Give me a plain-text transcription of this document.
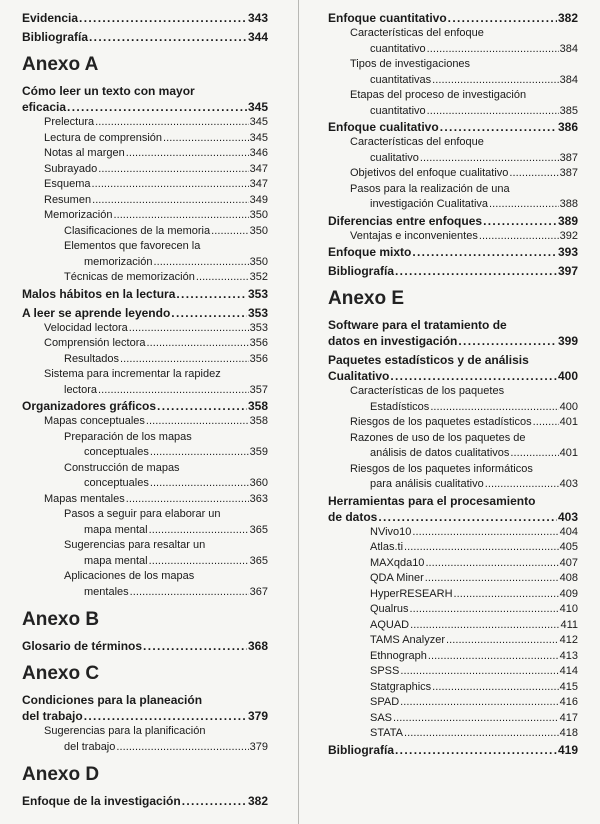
Evidencia . . .	343
Bibliografía . . .	344
Anexo A
Cómo leer un texto con mayor
eficacia . . .	345
Prelectura . . .	345
Lectura de comprensión . . .	345
Notas al margen . . .	346
Subrayado . . .	347
Esquema . . .	347
Resumen . . .	349
Memorización . . .	350
Clasificaciones de la memoria . . .	350
Elementos que favorecen la
memorización . . .	350
Técnicas de memorización . . .	352
Malos hábitos en la lectura . . .	353
A leer se aprende leyendo . . .	353
Velocidad lectora . . .	353
Comprensión lectora . . .	356
Resultados . . .	356
Sistema para incrementar la rapidez
lectora . . .	357
Organizadores gráficos . . .	358
Mapas conceptuales . . .	358
Preparación de los mapas
conceptuales . . .	359
Construcción de mapas
conceptuales . . .	360
Mapas mentales . . .	363
Pasos a seguir para elaborar un
mapa mental . . .	365
Sugerencias para resaltar un
mapa mental . . .	365
Aplicaciones de los mapas
mentales . . .	367
Anexo B
Glosario de términos . . .	368
Anexo C
Condiciones para la planeación
del trabajo . . .	379
Sugerencias para la planificación
del trabajo . . .	379
Anexo D
Enfoque de la investigación . . .	382
Enfoque cuantitativo . . .	382
Características del enfoque
cuantitativo . . .	384
Tipos de investigaciones
cuantitativas . . .	384
Etapas del proceso de investigación
cuantitativo . . .	385
Enfoque cualitativo . . .	386
Características del enfoque
cualitativo . . .	387
Objetivos del enfoque cualitativo . . .	387
Pasos para la realización de una
investigación Cualitativa . . .	388
Diferencias entre enfoques . . .	389
Ventajas e inconvenientes . . .	392
Enfoque mixto . . .	393
Bibliografía . . .	397
Anexo E
Software para el tratamiento de
datos en investigación . . .	399
Paquetes estadísticos y de análisis
Cualitativo . . .	400
Características de los paquetes
Estadísticos . . .	400
Riesgos de los paquetes estadísticos . . .	401
Razones de uso de los paquetes de
análisis de datos cualitativos . . .	401
Riesgos de los paquetes informáticos
para análisis cualitativo . . .	403
Herramientas para el procesamiento
de datos . . .	403
NVivo10 . . .	404
Atlas.ti . . .	405
MAXqda10 . . .	407
QDA Miner . . .	408
HyperRESEARH . . .	409
Qualrus . . .	410
AQUAD . . .	411
TAMS Analyzer . . .	412
Ethnograph . . .	413
SPSS . . .	414
Statgraphics . . .	415
SPAD . . .	416
SAS . . .	417
STATA . . .	418
Bibliografía . . .	419
